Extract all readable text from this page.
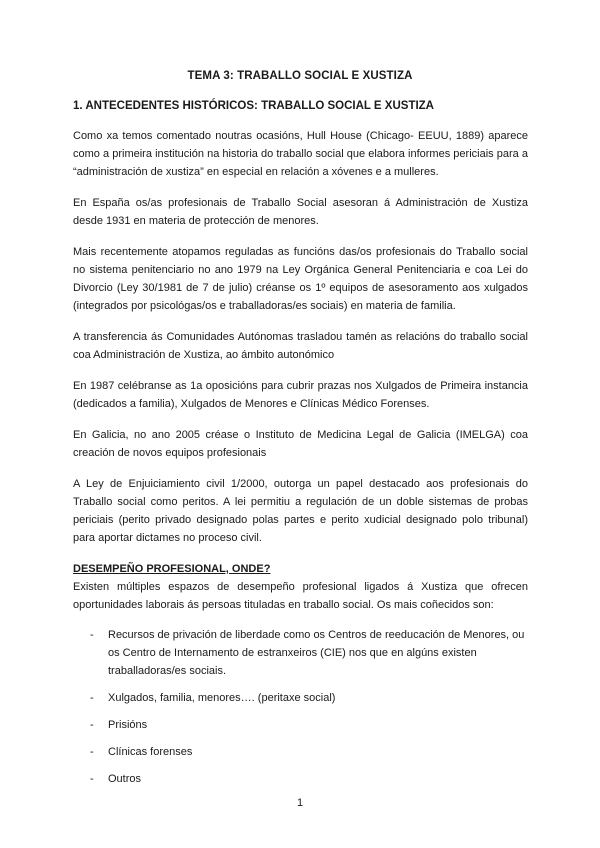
TEMA 3: TRABALLO SOCIAL E XUSTIZA
1. ANTECEDENTES HISTÓRICOS: TRABALLO SOCIAL E XUSTIZA

Como xa temos comentado noutras ocasións, Hull House (Chicago- EEUU, 1889) aparece como a primeira institución na historia do traballo social que elabora informes periciais para a “administración de xustiza” en especial en relación a xóvenes e a mulleres.

En España os/as profesionais de Traballo Social asesoran á Administración de Xustiza desde 1931 en materia de protección de menores.

Mais recentemente atopamos reguladas as funcións das/os profesionais do Traballo social no sistema penitenciario no ano 1979 na Ley Orgánica General Penitenciaria e coa Lei do Divorcio (Ley 30/1981 de 7 de julio) créanse os 1º equipos de asesoramento aos xulgados (integrados por psicológas/os e traballadoras/es sociais) en materia de familia.

A transferencia ás Comunidades Autónomas trasladou tamén as relacións do traballo social coa Administración de Xustiza, ao ámbito autonómico

En 1987 celébranse as 1a oposicións para cubrir prazas nos Xulgados de Primeira instancia (dedicados a familia), Xulgados de Menores e Clínicas Médico Forenses.

En Galicia, no ano 2005 créase o Instituto de Medicina Legal de Galicia (IMELGA) coa creación de novos equipos profesionais

A Ley de Enjuiciamiento civil 1/2000, outorga un papel destacado aos profesionais do Traballo social como peritos. A lei permitiu a regulación de un doble sistemas de probas periciais (perito privado designado polas partes e perito xudicial designado polo tribunal) para aportar dictames no proceso civil.

DESEMPEÑO PROFESIONAL, ONDE?

Existen múltiples espazos de desempeño profesional ligados á Xustiza que ofrecen oportunidades laborais ás persoas tituladas en traballo social. Os mais coñecidos son:

- Recursos de privación de liberdade como os Centros de reeducación de Menores, ou os Centro de Internamento de estranxeiros (CIE) nos que en algúns existen traballadoras/es sociais.
- Xulgados, familia, menores…. (peritaxe social)
- Prisións
- Clínicas forenses
- Outros
1
